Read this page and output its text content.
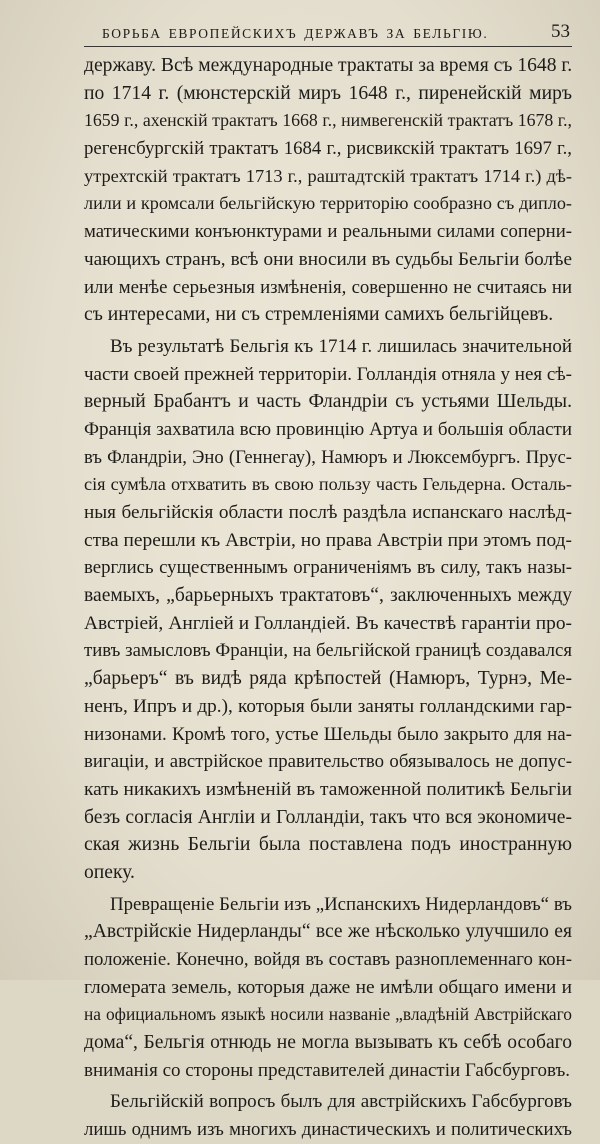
БОРЬБА ЕВРОПЕЙСКИХЪ ДЕРЖАВЪ ЗА БЕЛЬГІЮ.	53
державу. Всѣ международные трактаты за время съ 1648 г.
по 1714 г. (мюнстерскій миръ 1648 г., пиренейскій миръ
1659 г., ахенскій трактатъ 1668 г., нимвегенскій трактатъ 1678 г.,
регенсбургскій трактатъ 1684 г., рисвикскій трактатъ 1697 г.,
утрехтскій трактатъ 1713 г., раштадтскій трактатъ 1714 г.) дѣ-
лили и кромсали бельгійскую территорію сообразно съ дипло-
матическими конъюнктурами и реальными силами соперни-
чающихъ странъ, всѣ они вносили въ судьбы Бельгіи болѣе
или менѣе серьезныя измѣненія, совершенно не считаясь ни
съ интересами, ни съ стремленіями самихъ бельгійцевъ.
Въ результатѣ Бельгія къ 1714 г. лишилась значительной
части своей прежней территоріи. Голландія отняла у нея сѣ-
верный Брабантъ и часть Фландріи съ устьями Шельды.
Франція захватила всю провинцію Артуа и большія области
въ Фландріи, Эно (Геннегау), Намюръ и Люксембургъ. Прус-
сія сумѣла отхватить въ свою пользу часть Гельдерна. Осталь-
ныя бельгійскія области послѣ раздѣла испанскаго наслѣд-
ства перешли къ Австріи, но права Австріи при этомъ под-
верглись существеннымъ ограниченіямъ въ силу, такъ назы-
ваемыхъ, „барьерныхъ трактатовъ“, заключенныхъ между
Австріей, Англіей и Голландіей. Въ качествѣ гарантіи про-
тивъ замысловъ Франціи, на бельгійской границѣ создавался
„барьеръ“ въ видѣ ряда крѣпостей (Намюръ, Турнэ, Ме-
ненъ, Ипръ и др.), которыя были заняты голландскими гар-
низонами. Кромѣ того, устье Шельды было закрыто для на-
вигаціи, и австрійское правительство обязывалось не допус-
кать никакихъ измѣненій въ таможенной политикѣ Бельгіи
безъ согласія Англіи и Голландіи, такъ что вся экономиче-
ская жизнь Бельгіи была поставлена подъ иностранную
опеку.
Превращеніе Бельгіи изъ „Испанскихъ Нидерландовъ“ въ
„Австрійскіе Нидерланды“ все же нѣсколько улучшило ея
положеніе. Конечно, войдя въ составъ разноплеменнаго кон-
гломерата земель, которыя даже не имѣли общаго имени и
на официальномъ языкѣ носили названіе „владѣній Австрійскаго
дома“, Бельгія отнюдь не могла вызывать къ себѣ особаго
вниманія со стороны представителей династіи Габсбурговъ.
Бельгійскій вопросъ былъ для австрійскихъ Габсбурговъ
лишь однимъ изъ многихъ династическихъ и политическихъ
